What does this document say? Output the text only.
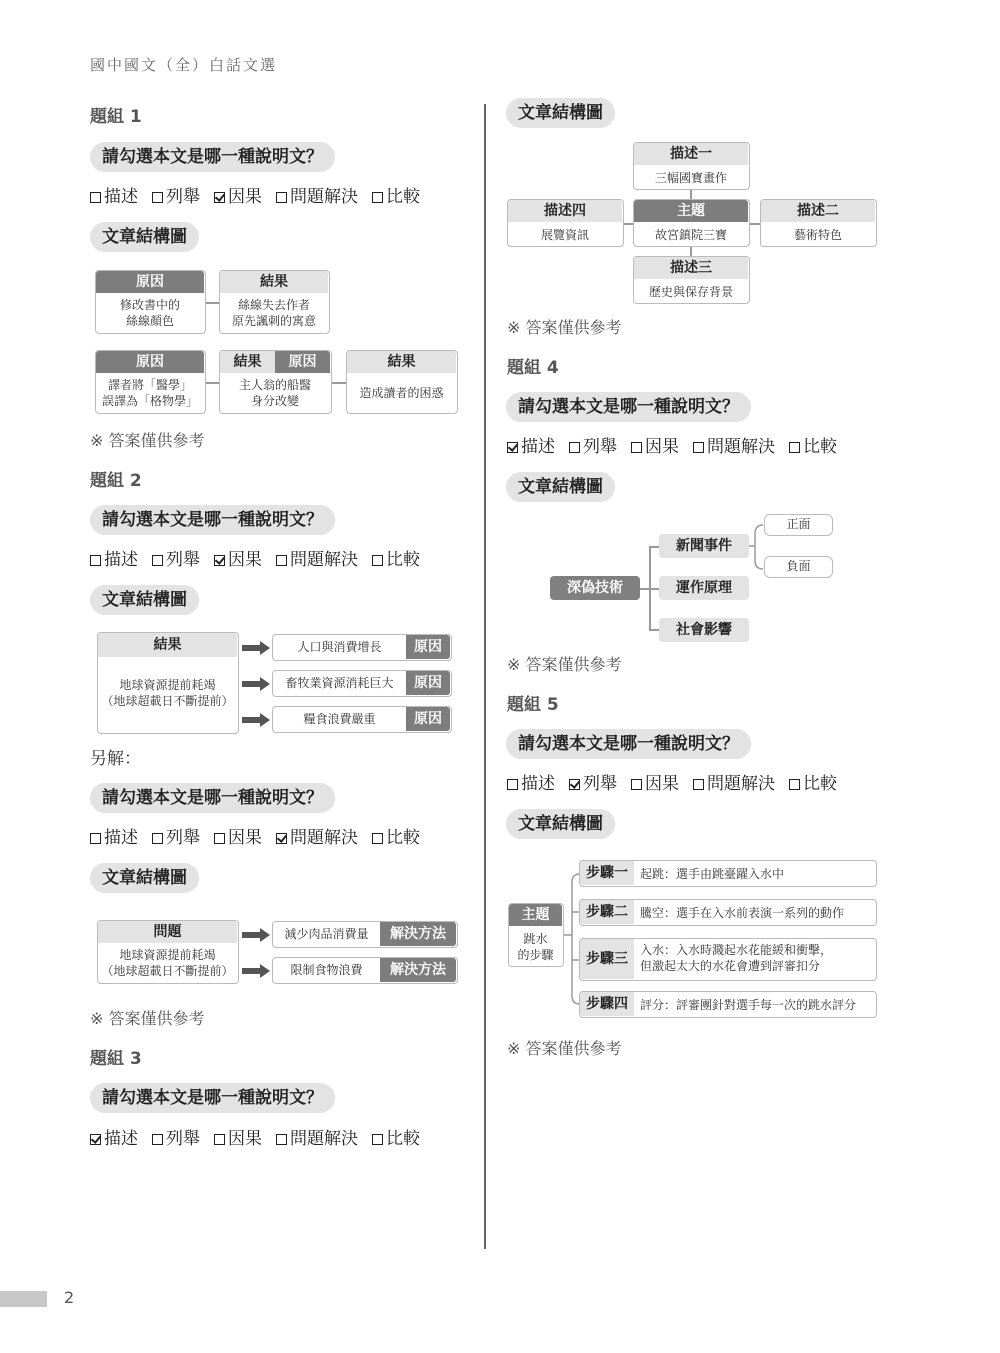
國中國文（全）白話文選
題組 1
請勾選本文是哪一種說明文？
描述 列舉 因果 問題解決 比較
文章結構圖
原因
修改書中的
絲線顏色
結果
絲線失去作者
原先諷刺的寓意
原因
譯者將「醫學」
誤譯為「格物學」
結果	原因
主人翁的船醫
身分改變
結果
造成讀者的困惑
※ 答案僅供參考
題組 2
請勾選本文是哪一種說明文？
描述 列舉 因果 問題解決 比較
文章結構圖
結果
地球資源提前耗竭
（地球超載日不斷提前）
人口與消費增長	原因
畜牧業資源消耗巨大	原因
糧食浪費嚴重	原因
另解：
請勾選本文是哪一種說明文？
描述 列舉 因果 問題解決 比較
文章結構圖
問題
地球資源提前耗竭
（地球超載日不斷提前）
減少肉品消費量	解決方法
限制食物浪費	解決方法
※ 答案僅供參考
題組 3
請勾選本文是哪一種說明文？
描述 列舉 因果 問題解決 比較
文章結構圖
描述一
三幅國寶畫作
描述四
展覽資訊
主題
故宮鎮院三寶
描述二
藝術特色
描述三
歷史與保存背景
※ 答案僅供參考
題組 4
請勾選本文是哪一種說明文？
描述 列舉 因果 問題解決 比較
文章結構圖
深偽技術
新聞事件
運作原理
社會影響
正面
負面
※ 答案僅供參考
題組 5
請勾選本文是哪一種說明文？
描述 列舉 因果 問題解決 比較
文章結構圖
主題
跳水
的步驟
步驟一	起跳：選手由跳臺躍入水中
步驟二	騰空：選手在入水前表演一系列的動作
步驟三
入水：入水時濺起水花能緩和衝擊，
但激起太大的水花會遭到評審扣分
步驟四	評分：評審團針對選手每一次的跳水評分
※ 答案僅供參考
2
